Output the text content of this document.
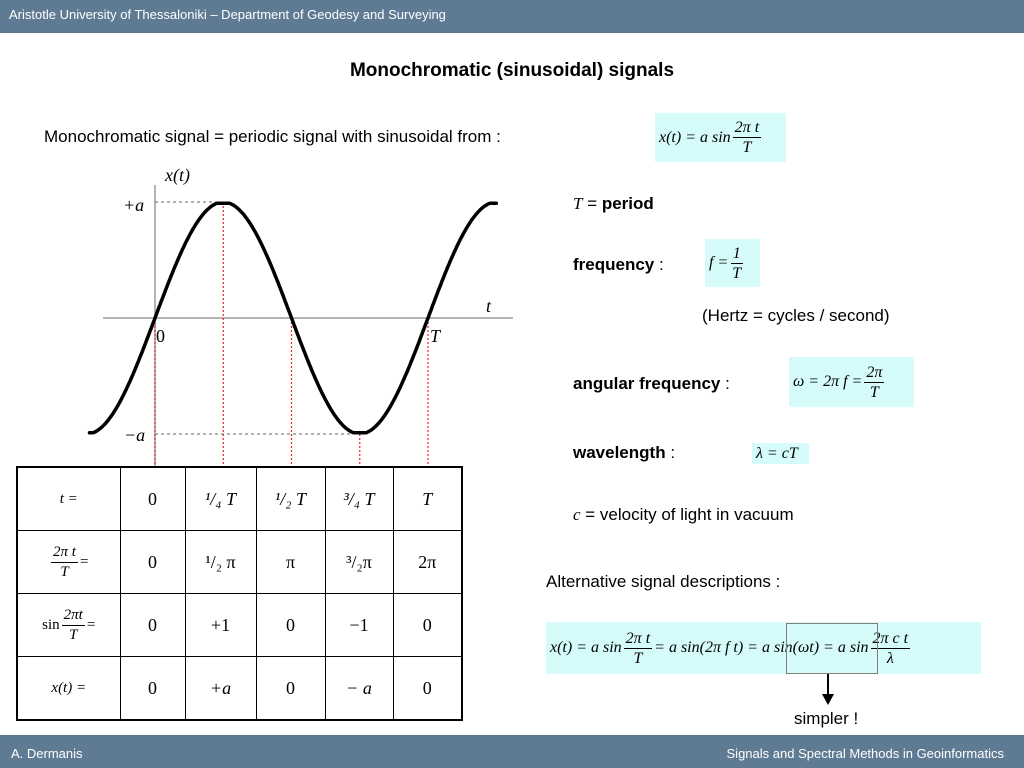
Aristotle University of Thessaloniki – Department of Geodesy and Surveying
A. Dermanis	Signals and Spectral Methods in Geoinformatics
Monochromatic (sinusoidal) signals
Monochromatic signal = periodic signal with sinusoidal from :	x(t) = a $\sin \frac{\text{2π t}}{T}$
x(t)
t
+a
−a
0	T
T = period
frequency :	$f = \frac{1}{T}$
(Hertz = cycles / second)
angular frequency :	ω = 2π $f = \frac{2\pi}{T}$
wavelength :	λ = cT
c = velocity of light in vacuum
Alternative signal descriptions :
x(t) = a $\sin \frac{\text{2π t}}{T} = a$ sin(2π f t) = a sin(ωt) = a $\sin \frac{\text{2π c t}}{\lambda}$
simpler !
t =	0	¹/₄ T	¹/₂ T	³/₄ T	T

$\frac{\text{2π t}}{T}$ =	0	¹/₂ π	π	³/₂π	2π
$\sin \frac{2\pi t}{T}$ =	0	+1	0	−1	0
x(t) =	0	+a	0	− a	0
